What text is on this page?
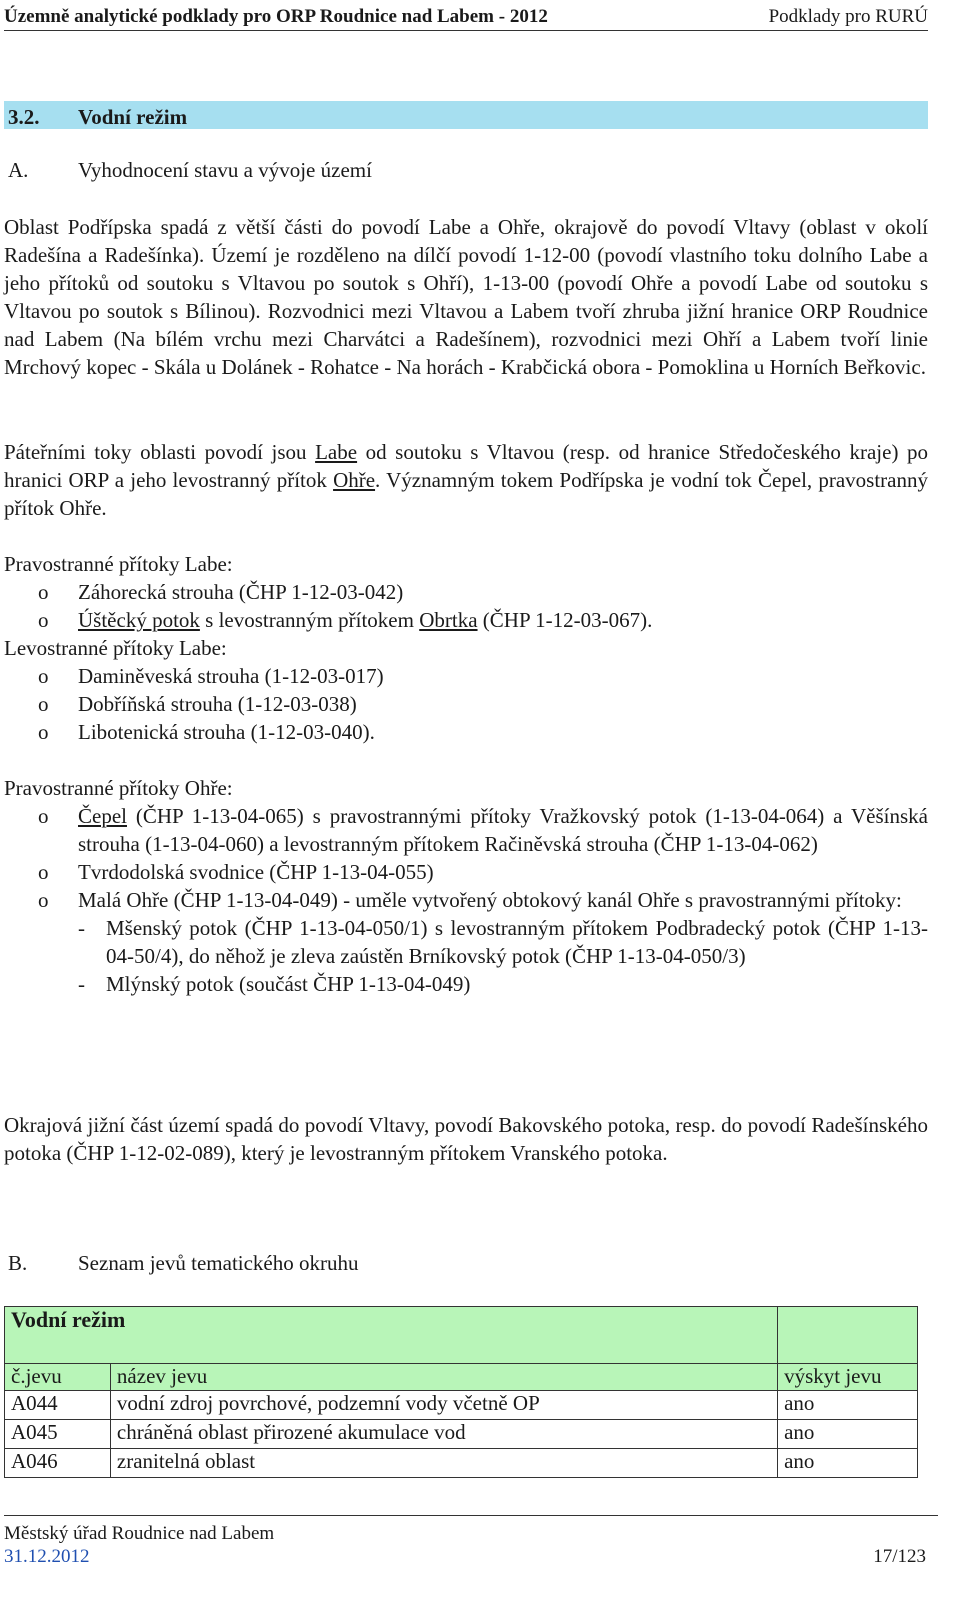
Územně analytické podklady pro ORP Roudnice nad Labem - 2012	Podklady pro RURÚ
3.2. Vodní režim
A. Vyhodnocení stavu a vývoje území
Oblast Podřípska spadá z větší části do povodí Labe a Ohře, okrajově do povodí Vltavy (oblast v okolí Radešína a Radešínka). Území je rozděleno na dílčí povodí 1-12-00 (povodí vlastního toku dolního Labe a jeho přítoků od soutoku s Vltavou po soutok s Ohří), 1-13-00 (povodí Ohře a povodí Labe od soutoku s Vltavou po soutok s Bílinou). Rozvodnici mezi Vltavou a Labem tvoří zhruba jižní hranice ORP Roudnice nad Labem (Na bílém vrchu mezi Charvátci a Radešínem), rozvodnici mezi Ohří a Labem tvoří linie Mrchový kopec - Skála u Dolánek - Rohatce - Na horách - Krabčická obora - Pomoklina u Horních Beřkovic.
Páteřními toky oblasti povodí jsou Labe od soutoku s Vltavou (resp. od hranice Středočeského kraje) po hranici ORP a jeho levostranný přítok Ohře. Významným tokem Podřípska je vodní tok Čepel, pravostranný přítok Ohře.
Pravostranné přítoky Labe:
o Záhorecká strouha (ČHP 1-12-03-042)
o Úštěcký potok s levostranným přítokem Obrtka (ČHP 1-12-03-067).
Levostranné přítoky Labe:
o Daminěveská strouha (1-12-03-017)
o Dobříňská strouha (1-12-03-038)
o Libotenická strouha (1-12-03-040).
Pravostranné přítoky Ohře:
o Čepel (ČHP 1-13-04-065) s pravostrannými přítoky Vražkovský potok (1-13-04-064) a Věšínská strouha (1-13-04-060) a levostranným přítokem Račiněvská strouha (ČHP 1-13-04-062)
o Tvrdodolská svodnice (ČHP 1-13-04-055)
o Malá Ohře (ČHP 1-13-04-049) - uměle vytvořený obtokový kanál Ohře s pravostrannými přítoky:
- Mšenský potok (ČHP 1-13-04-050/1) s levostranným přítokem Podbradecký potok (ČHP 1-13-04-50/4), do něhož je zleva zaústěn Brníkovský potok (ČHP 1-13-04-050/3)
- Mlýnský potok (součást ČHP 1-13-04-049)
Okrajová jižní část území spadá do povodí Vltavy, povodí Bakovského potoka, resp. do povodí Radešínského potoka (ČHP 1-12-02-089), který je levostranným přítokem Vranského potoka.
B. Seznam jevů tematického okruhu
Vodní režim		
č.jevu	název jevu	výskyt jevu
A044	vodní zdroj povrchové, podzemní vody včetně OP	ano
A045	chráněná oblast přirozené akumulace vod	ano
A046	zranitelná oblast	ano
Městský úřad Roudnice nad Labem
31.12.2012	17/123
